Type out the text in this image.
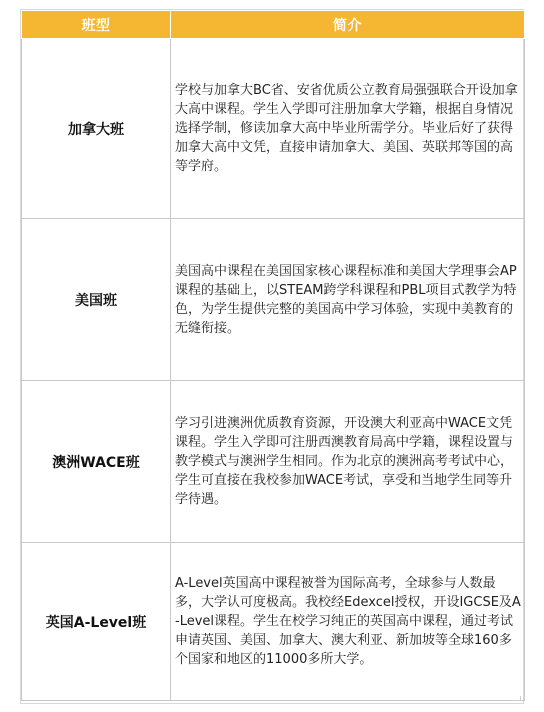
班型	简介
加拿大班	学校与加拿大BC省、安省优质公立教育局强强联合开设加拿大高中课程。学生入学即可注册加拿大学籍，根据自身情况选择学制，修读加拿大高中毕业所需学分。毕业后好了获得加拿大高中文凭，直接申请加拿大、美国、英联邦等国的高等学府。

美国班	美国高中课程在美国国家核心课程标准和美国大学理事会AP课程的基础上，以STEAM跨学科课程和PBL项目式教学为特色，为学生提供完整的美国高中学习体验，实现中美教育的无缝衔接。

澳洲WACE班	学习引进澳洲优质教育资源，开设澳大利亚高中WACE文凭课程。学生入学即可注册西澳教育局高中学籍，课程设置与教学模式与澳洲学生相同。作为北京的澳洲高考考试中心，学生可直接在我校参加WACE考试，享受和当地学生同等升学待遇。

英国A-Level班	A-Level英国高中课程被誉为国际高考，全球参与人数最多，大学认可度极高。我校经Edexcel授权，开设IGCSE及A-Level课程。学生在校学习纯正的英国高中课程，通过考试申请英国、美国、加拿大、澳大利亚、新加坡等全球160多个国家和地区的11000多所大学。
